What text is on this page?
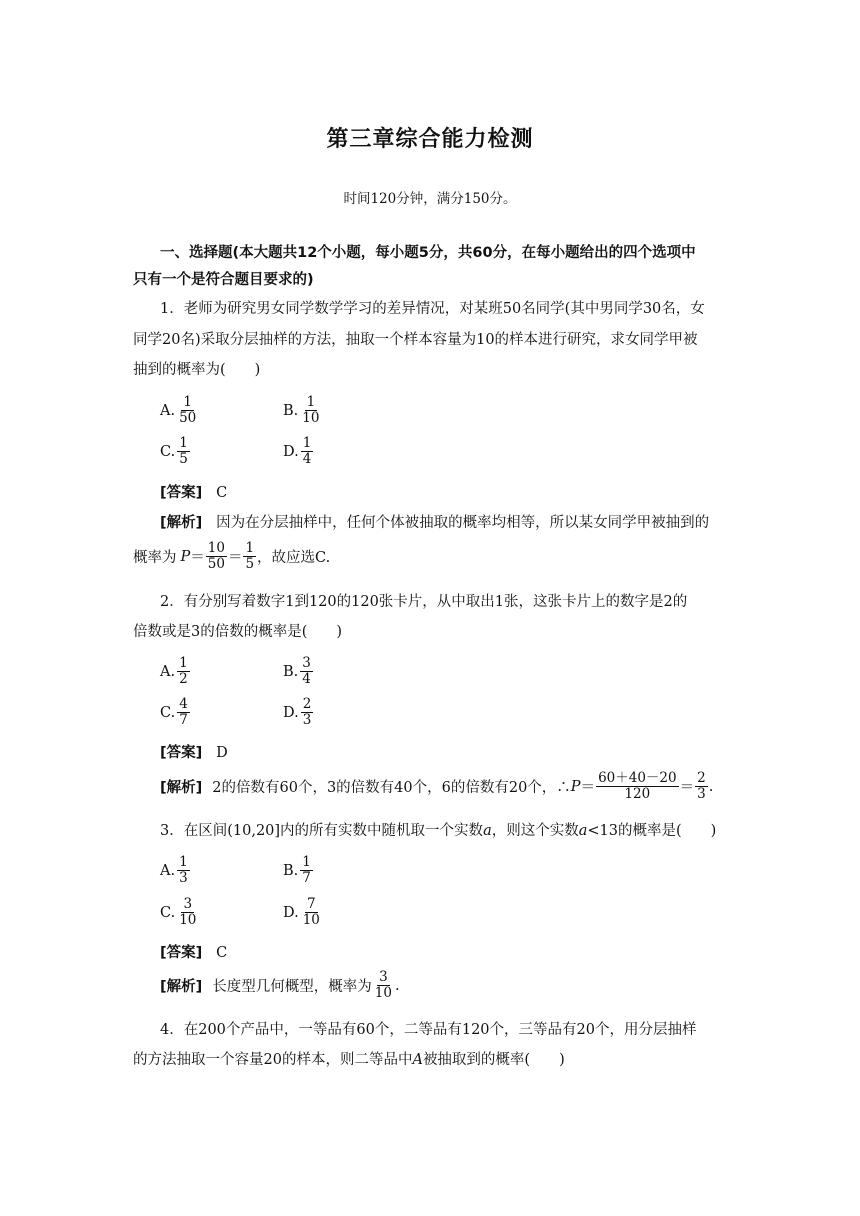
第三章综合能力检测
时间120分钟，满分150分。
一、选择题(本大题共12个小题，每小题5分，共60分，在每小题给出的四个选项中
只有一个是符合题目要求的)
1．老师为研究男女同学数学学习的差异情况，对某班50名同学(其中男同学30名，女
同学20名)采取分层抽样的方法，抽取一个样本容量为10的样本进行研究，求女同学甲被
抽到的概率为(　　)
A. $\frac{1}{50}$	B. $\frac{1}{10}$
C. $\frac{1}{5}$	D. $\frac{1}{4}$
[答案] C
[解析] 因为在分层抽样中，任何个体被抽取的概率均相等，所以某女同学甲被抽到的
概率为 $P = \frac{10}{50} = \frac{1}{5}$ ，故应选C.
2．有分别写着数字1到120的120张卡片，从中取出1张，这张卡片上的数字是2的
倍数或是3的倍数的概率是(　　)
A. $\frac{1}{2}$	B. $\frac{3}{4}$
C. $\frac{4}{7}$	D. $\frac{2}{3}$
[答案] D
[解析] 2的倍数有60个，3的倍数有40个，6的倍数有20个，∴ $P = \frac{60+40-20}{120} = \frac{2}{3}$ .
3．在区间(10,20]内的所有实数中随机取一个实数a，则这个实数a<13的概率是(　　)
A. $\frac{1}{3}$	B. $\frac{1}{7}$
C. $\frac{3}{10}$	D. $\frac{7}{10}$
[答案] C
[解析] 长度型几何概型，概率为 $\frac{3}{10}$ .
4．在200个产品中，一等品有60个，二等品有120个，三等品有20个，用分层抽样
的方法抽取一个容量20的样本，则二等品中A被抽取到的概率(　　)
